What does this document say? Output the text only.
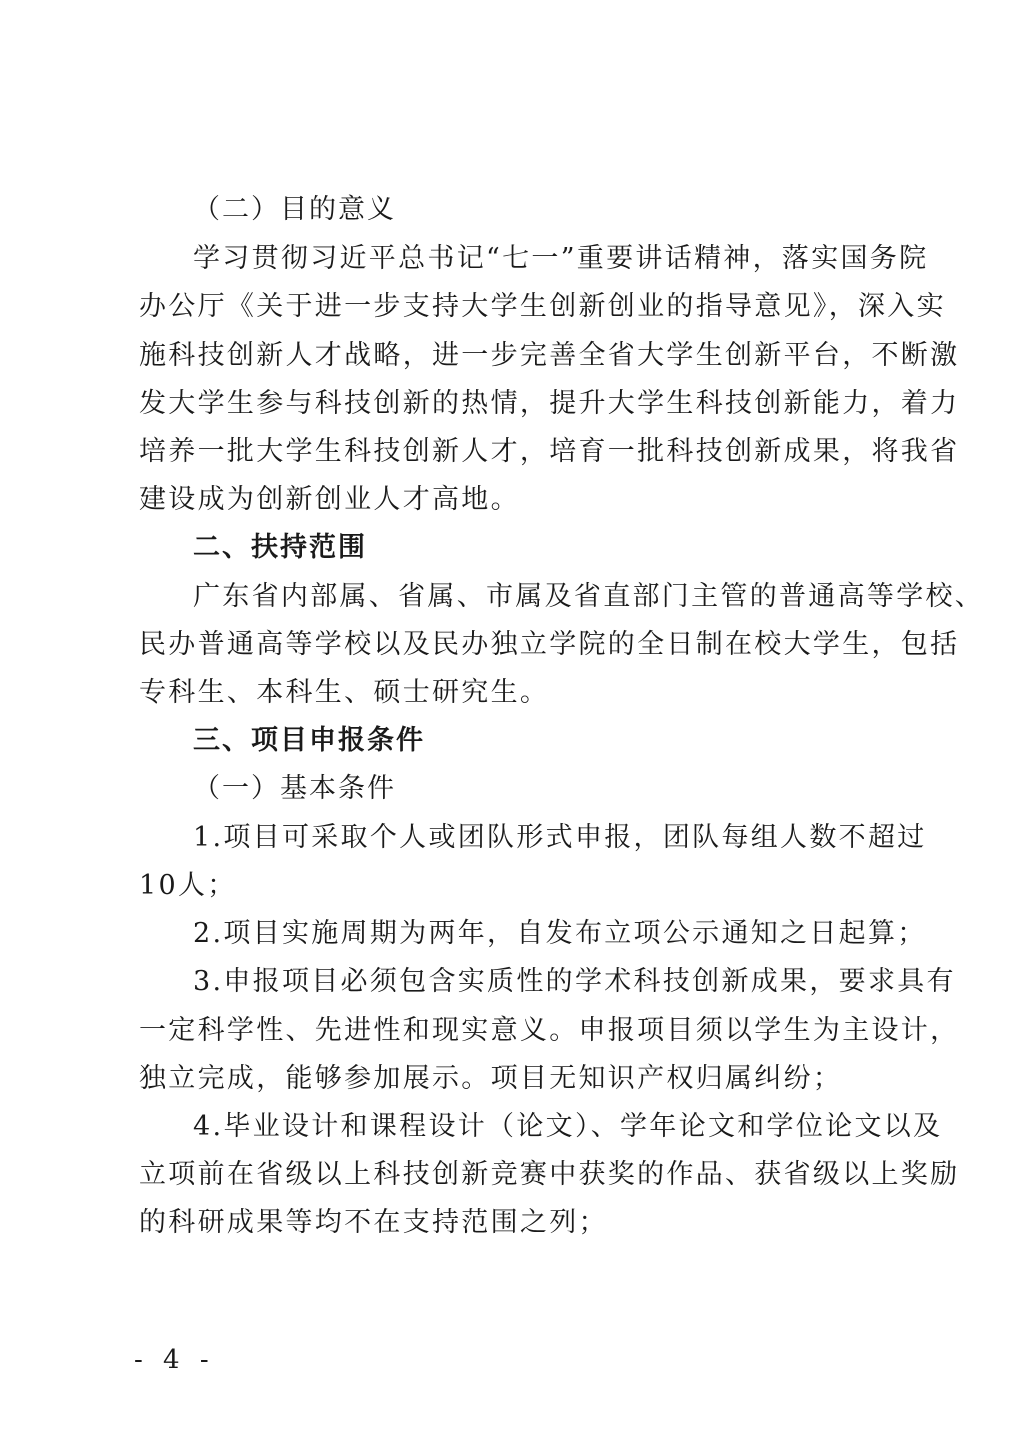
（二）目的意义
学习贯彻习近平总书记“七一”重要讲话精神，落实国务院
办公厅《关于进一步支持大学生创新创业的指导意见》，深入实
施科技创新人才战略，进一步完善全省大学生创新平台，不断激
发大学生参与科技创新的热情，提升大学生科技创新能力，着力
培养一批大学生科技创新人才，培育一批科技创新成果，将我省
建设成为创新创业人才高地。
二、扶持范围
广东省内部属、省属、市属及省直部门主管的普通高等学校、
民办普通高等学校以及民办独立学院的全日制在校大学生，包括
专科生、本科生、硕士研究生。
三、项目申报条件
（一）基本条件
1.项目可采取个人或团队形式申报，团队每组人数不超过
10人；
2.项目实施周期为两年，自发布立项公示通知之日起算；
3.申报项目必须包含实质性的学术科技创新成果，要求具有
一定科学性、先进性和现实意义。申报项目须以学生为主设计，
独立完成，能够参加展示。项目无知识产权归属纠纷；
4.毕业设计和课程设计（论文）、学年论文和学位论文以及
立项前在省级以上科技创新竞赛中获奖的作品、获省级以上奖励
的科研成果等均不在支持范围之列；
- 4 -
